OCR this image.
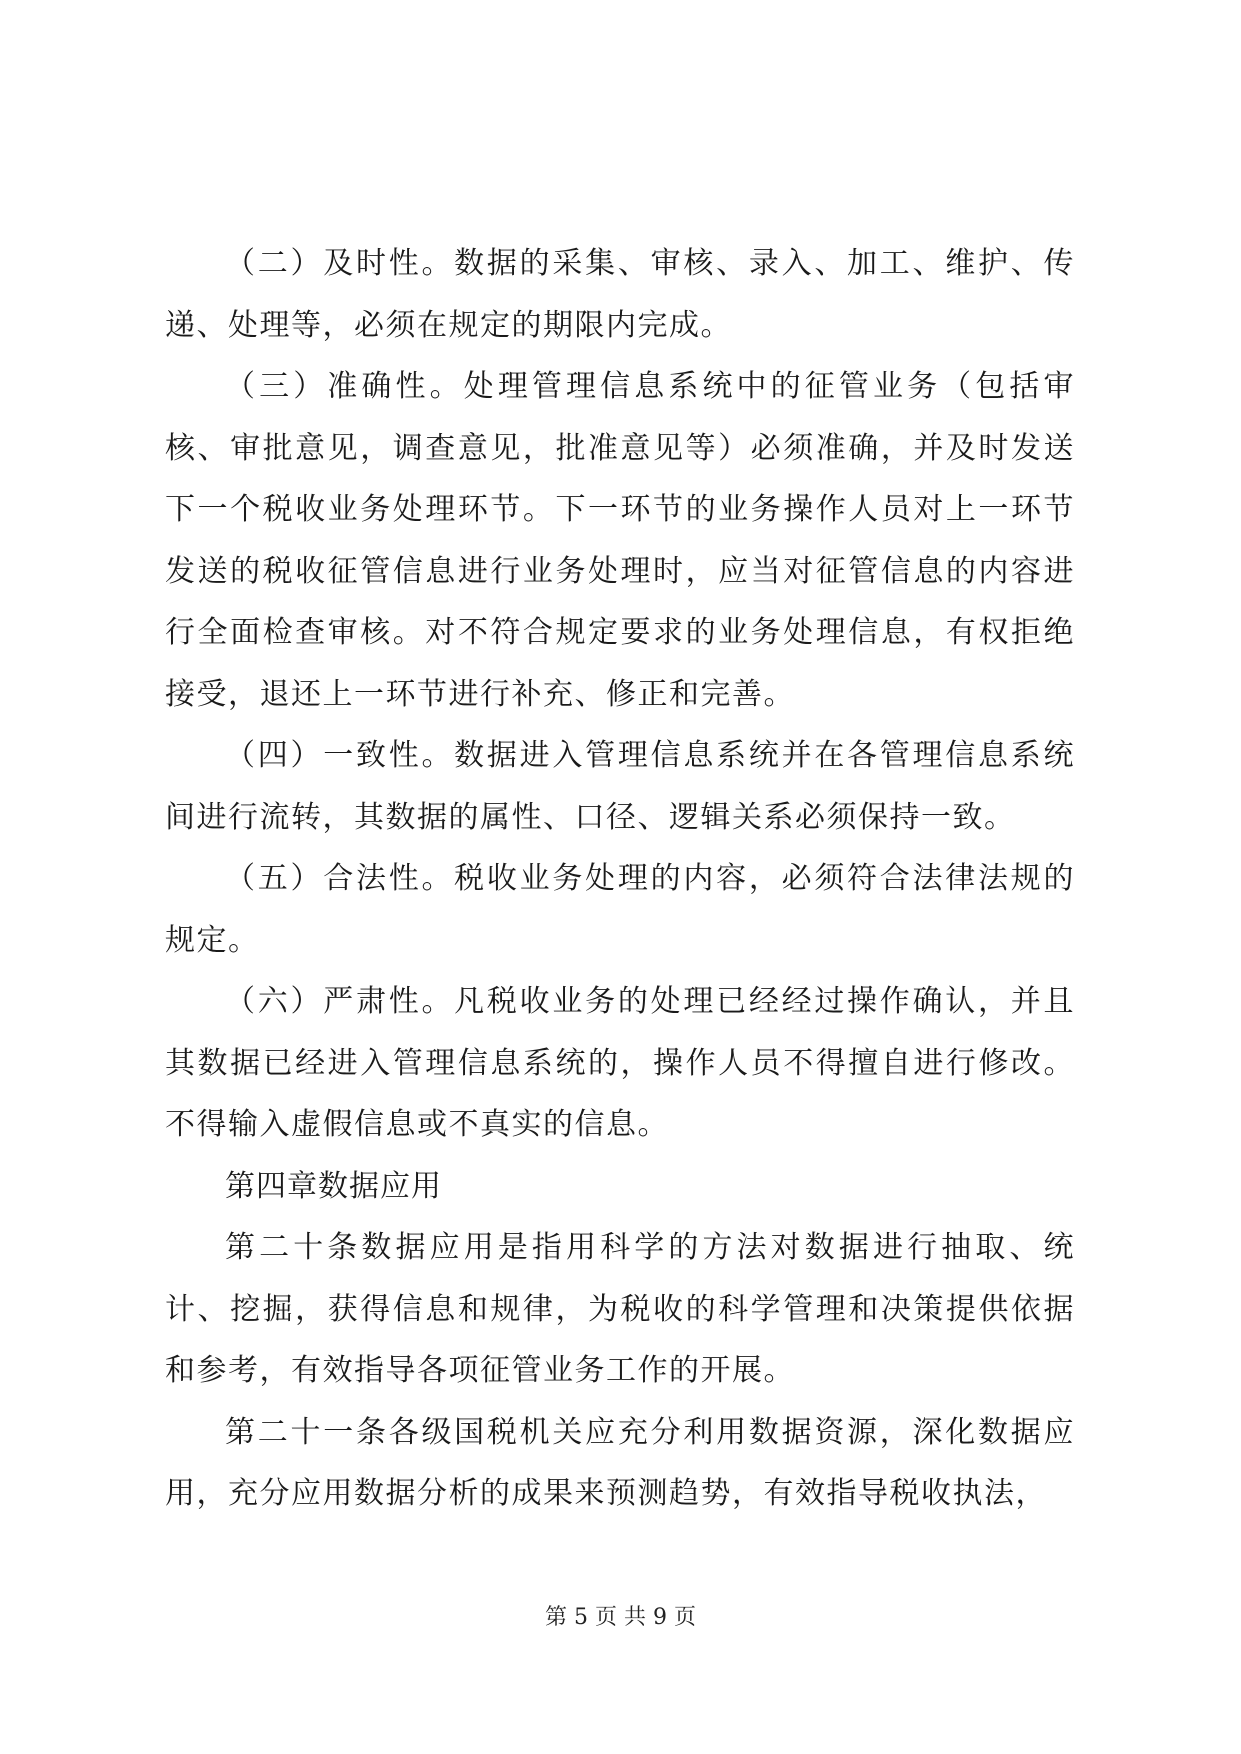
（二）及时性。数据的采集、审核、录入、加工、维护、传递、处理等，必须在规定的期限内完成。

（三）准确性。处理管理信息系统中的征管业务（包括审核、审批意见，调查意见，批准意见等）必须准确，并及时发送下一个税收业务处理环节。下一环节的业务操作人员对上一环节发送的税收征管信息进行业务处理时，应当对征管信息的内容进行全面检查审核。对不符合规定要求的业务处理信息，有权拒绝接受，退还上一环节进行补充、修正和完善。

（四）一致性。数据进入管理信息系统并在各管理信息系统间进行流转，其数据的属性、口径、逻辑关系必须保持一致。

（五）合法性。税收业务处理的内容，必须符合法律法规的规定。

（六）严肃性。凡税收业务的处理已经经过操作确认，并且其数据已经进入管理信息系统的，操作人员不得擅自进行修改。不得输入虚假信息或不真实的信息。

第四章数据应用

第二十条数据应用是指用科学的方法对数据进行抽取、统计、挖掘，获得信息和规律，为税收的科学管理和决策提供依据和参考，有效指导各项征管业务工作的开展。

第二十一条各级国税机关应充分利用数据资源，深化数据应用，充分应用数据分析的成果来预测趋势，有效指导税收执法，

第 5 页 共 9 页
